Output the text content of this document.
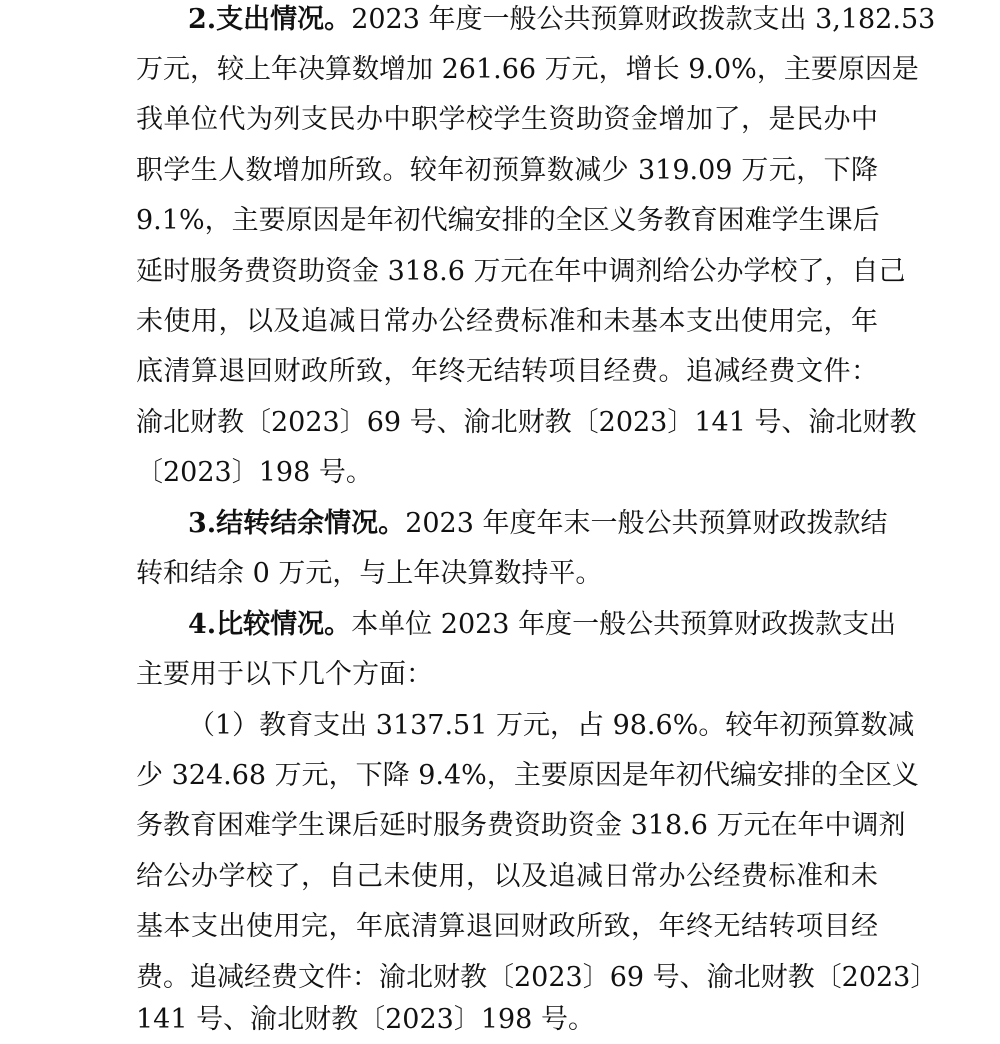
2.支出情况。2023 年度一般公共预算财政拨款支出 3,182.53
万元，较上年决算数增加 261.66 万元，增长 9.0%，主要原因是
我单位代为列支民办中职学校学生资助资金增加了，是民办中
职学生人数增加所致。较年初预算数减少 319.09 万元，下降
9.1%，主要原因是年初代编安排的全区义务教育困难学生课后
延时服务费资助资金 318.6 万元在年中调剂给公办学校了，自己
未使用，以及追减日常办公经费标准和未基本支出使用完，年
底清算退回财政所致，年终无结转项目经费。追减经费文件：
渝北财教〔2023〕69 号、渝北财教〔2023〕141 号、渝北财教
〔2023〕198 号。
3.结转结余情况。2023 年度年末一般公共预算财政拨款结
转和结余 0 万元，与上年决算数持平。
4.比较情况。本单位 2023 年度一般公共预算财政拨款支出
主要用于以下几个方面：
（1）教育支出 3137.51 万元，占 98.6%。较年初预算数减
少 324.68 万元，下降 9.4%，主要原因是年初代编安排的全区义
务教育困难学生课后延时服务费资助资金 318.6 万元在年中调剂
给公办学校了，自己未使用，以及追减日常办公经费标准和未
基本支出使用完，年底清算退回财政所致，年终无结转项目经
费。追减经费文件：渝北财教〔2023〕69 号、渝北财教〔2023〕
141 号、渝北财教〔2023〕198 号。
